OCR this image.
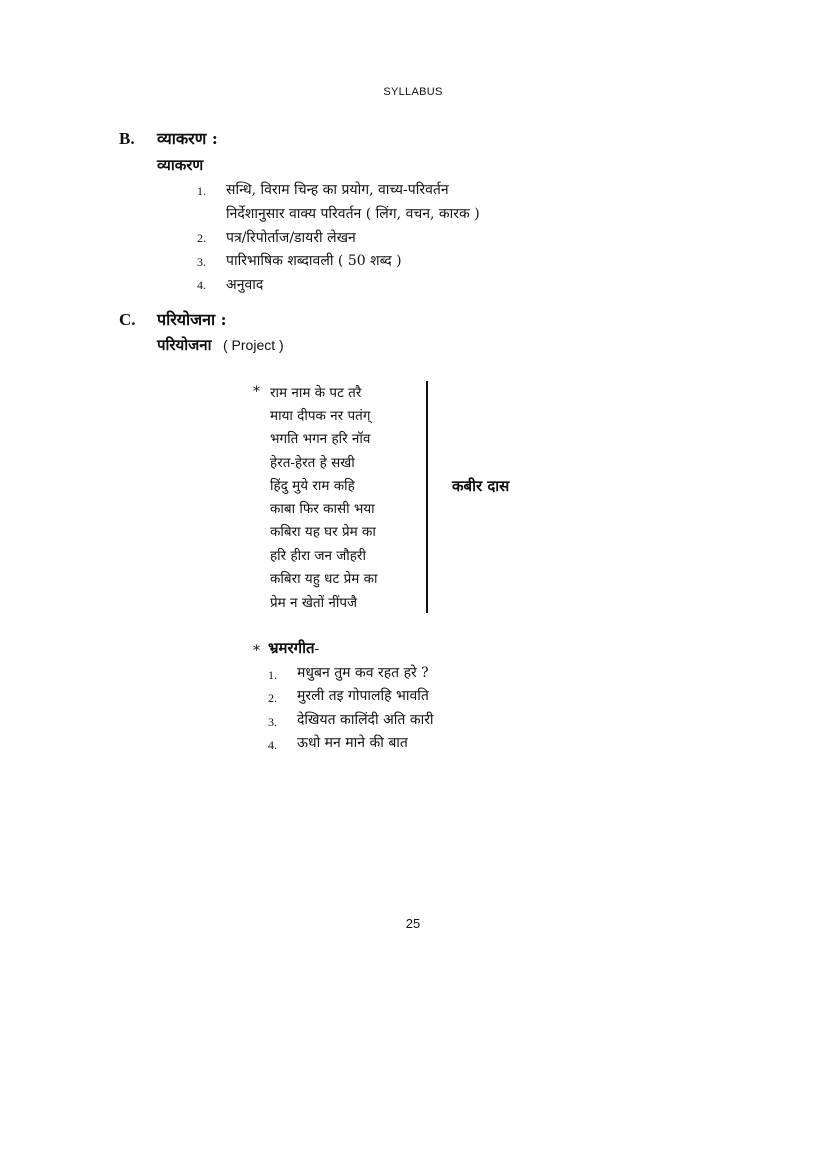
SYLLABUS
B. व्याकरण :
व्याकरण
1. सन्धि, विराम चिन्ह का प्रयोग, वाच्य-परिवर्तन
निर्देशानुसार वाक्य परिवर्तन ( लिंग, वचन, कारक )
2. पत्र/रिपोर्ताज/डायरी लेखन
3. पारिभाषिक शब्दावली ( 50 शब्द )
4. अनुवाद
C. परियोजना :
परियोजना ( Project )
* राम नाम के पट तरै
माया दीपक नर पतंग्
भगति भगन हरि नॉव
हेरत-हेरत हे सखी
हिंदु मुये राम कहि
काबा फिर कासी भया
कबिरा यह घर प्रेम का
हरि हीरा जन जौहरी
कबिरा यहु धट प्रेम का
प्रेम न खेतों नींपजै
कबीर दास
* भ्रमरगीत-
1. मधुबन तुम कव रहत हरे ?
2. मुरली तइ गोपालहि भावति
3. देखियत कालिंदी अति कारी
4. ऊधो मन माने की बात
25
